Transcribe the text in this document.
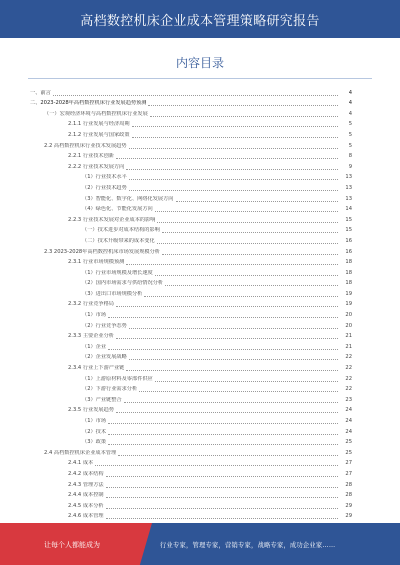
高档数控机床企业成本管理策略研究报告
内容目录
一、前言	4
二、2023-2028年高档数控机床行业发展趋势预测	4
（一）宏观经济环境与高档数控机床行业发展	4
2.1.1 行业发展与经济周期	5
2.1.2 行业发展与国家政策	5
2.2 高档数控机床行业技术发展趋势	5
2.2.1 行业技术创新	8
2.2.2 行业技术发展方向	9
（1）行业技术水平	13
（2）行业技术趋势	13
（3）智能化、数字化、网络化发展方向	13
（4）绿色化、节能化发展方向	14
2.2.3 行业技术发展对企业成本的影响	15
（一）技术进步对成本结构的影响	15
（二）技术升级带来的成本变化	16
2.3 2023-2028年高档数控机床市场发展规模分析	16
2.3.1 行业市场规模预测	18
（1）行业市场规模及增长速度	18
（2）国内市场需求与供给情况分析	18
（3）进出口市场规模分析	19
2.3.2 行业竞争格局	19
（1）市场	20
（2）行业竞争态势	20
2.3.3 主要企业分析	21
（1）企业	21
（2）企业发展战略	22
2.3.4 行业上下游产业链	22
（1）上游原材料及零部件供应	22
（2）下游行业需求分析	22
（3）产业链整合	23
2.3.5 行业发展趋势	24
（1）市场	24
（2）技术	24
（3）政策	25
2.4 高档数控机床企业成本管理	25
2.4.1 成本	27
2.4.2 成本结构	27
2.4.3 管理方法	28
2.4.4 成本控制	28
2.4.5 成本分析	29
2.4.6 成本管理	29
让每个人都能成为	行业专家，管理专家，营销专家，战略专家，成功企业家……
